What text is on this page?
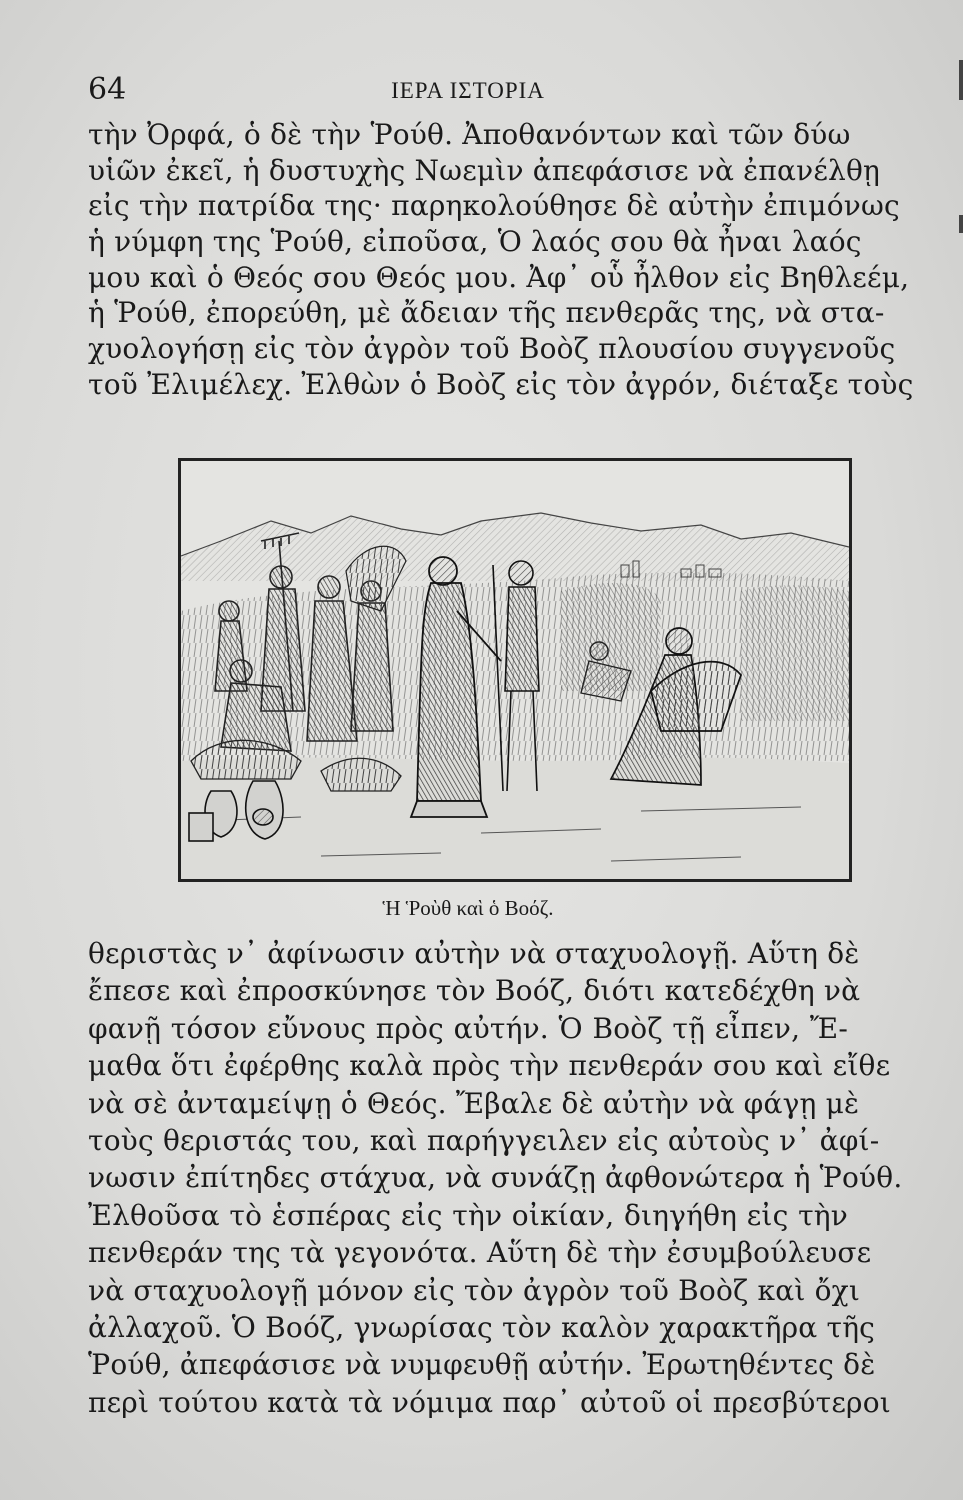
64	ΙΕΡΑ ΙΣΤΟΡΙΑ
τὴν Ὀρφά, ὁ δὲ τὴν Ῥούθ. Ἀποθανόντων καὶ τῶν δύω
υἱῶν ἐκεῖ, ἡ δυστυχὴς Νωεμὶν ἀπεφάσισε νὰ ἐπανέλθῃ
εἰς τὴν πατρίδα της· παρηκολούθησε δὲ αὐτὴν ἐπιμόνως
ἡ νύμφη της Ῥούθ, εἰποῦσα, Ὁ λαός σου θὰ ἦναι λαός
μου καὶ ὁ Θεός σου Θεός μου. Ἀφ᾽ οὗ ἦλθον εἰς Βηθλεέμ,
ἡ Ῥούθ, ἐπορεύθη, μὲ ἄδειαν τῆς πενθερᾶς της, νὰ στα-
χυολογήσῃ εἰς τὸν ἀγρὸν τοῦ Βοὸζ πλουσίου συγγενοῦς
τοῦ Ἐλιμέλεχ. Ἐλθὼν ὁ Βοὸζ εἰς τὸν ἀγρόν, διέταξε τοὺς
Ἡ Ῥοὺθ καὶ ὁ Βοόζ.
θεριστὰς ν᾽ ἀφίνωσιν αὐτὴν νὰ σταχυολογῇ. Αὕτη δὲ
ἔπεσε καὶ ἐπροσκύνησε τὸν Βοόζ, διότι κατεδέχθη νὰ
φανῇ τόσον εὔνους πρὸς αὐτήν. Ὁ Βοὸζ τῇ εἶπεν, Ἔ-
μαθα ὅτι ἐφέρθης καλὰ πρὸς τὴν πενθεράν σου καὶ εἴθε
νὰ σὲ ἀνταμείψῃ ὁ Θεός. Ἔβαλε δὲ αὐτὴν νὰ φάγῃ μὲ
τοὺς θεριστάς του, καὶ παρήγγειλεν εἰς αὐτοὺς ν᾽ ἀφί-
νωσιν ἐπίτηδες στάχυα, νὰ συνάζῃ ἀφθονώτερα ἡ Ῥούθ.
Ἐλθοῦσα τὸ ἑσπέρας εἰς τὴν οἰκίαν, διηγήθη εἰς τὴν
πενθεράν της τὰ γεγονότα. Αὕτη δὲ τὴν ἐσυμβούλευσε
νὰ σταχυολογῇ μόνον εἰς τὸν ἀγρὸν τοῦ Βοὸζ καὶ ὄχι
ἀλλαχοῦ. Ὁ Βοόζ, γνωρίσας τὸν καλὸν χαρακτῆρα τῆς
Ῥούθ, ἀπεφάσισε νὰ νυμφευθῇ αὐτήν. Ἐρωτηθέντες δὲ
περὶ τούτου κατὰ τὰ νόμιμα παρ᾽ αὐτοῦ οἱ πρεσβύτεροι
